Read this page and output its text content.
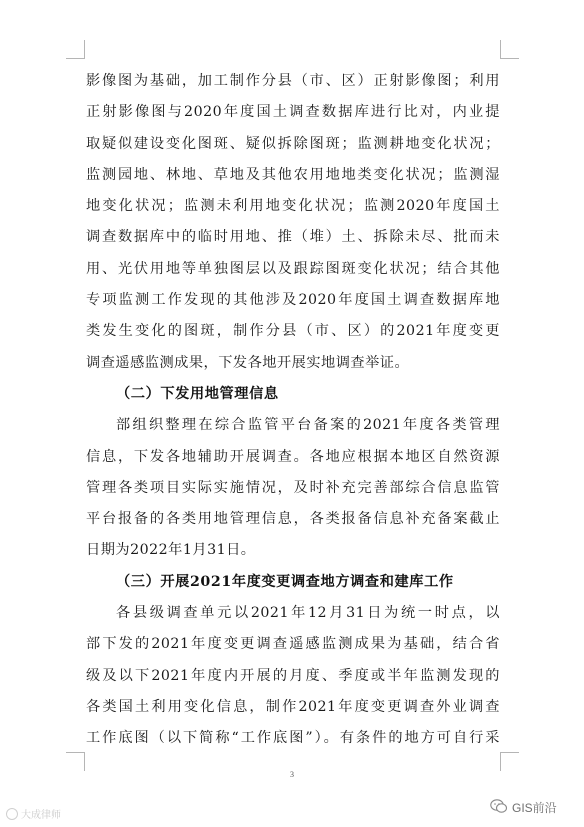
影像图为基础，加工制作分县（市、区）正射影像图；利用
正射影像图与2020年度国土调查数据库进行比对，内业提
取疑似建设变化图斑、疑似拆除图斑；监测耕地变化状况；
监测园地、林地、草地及其他农用地地类变化状况；监测湿
地变化状况；监测未利用地变化状况；监测2020年度国土
调查数据库中的临时用地、推（堆）土、拆除未尽、批而未
用、光伏用地等单独图层以及跟踪图斑变化状况；结合其他
专项监测工作发现的其他涉及2020年度国土调查数据库地
类发生变化的图斑，制作分县（市、区）的2021年度变更
调查遥感监测成果，下发各地开展实地调查举证。
（二）下发用地管理信息
部组织整理在综合监管平台备案的2021年度各类管理
信息，下发各地辅助开展调查。各地应根据本地区自然资源
管理各类项目实际实施情况，及时补充完善部综合信息监管
平台报备的各类用地管理信息，各类报备信息补充备案截止
日期为2022年1月31日。
（三）开展2021年度变更调查地方调查和建库工作
各县级调查单元以2021年12月31日为统一时点，以
部下发的2021年度变更调查遥感监测成果为基础，结合省
级及以下2021年度内开展的月度、季度或半年监测发现的
各类国土利用变化信息，制作2021年度变更调查外业调查
工作底图（以下简称“工作底图”）。有条件的地方可自行采
3
大成律师
GIS前沿
